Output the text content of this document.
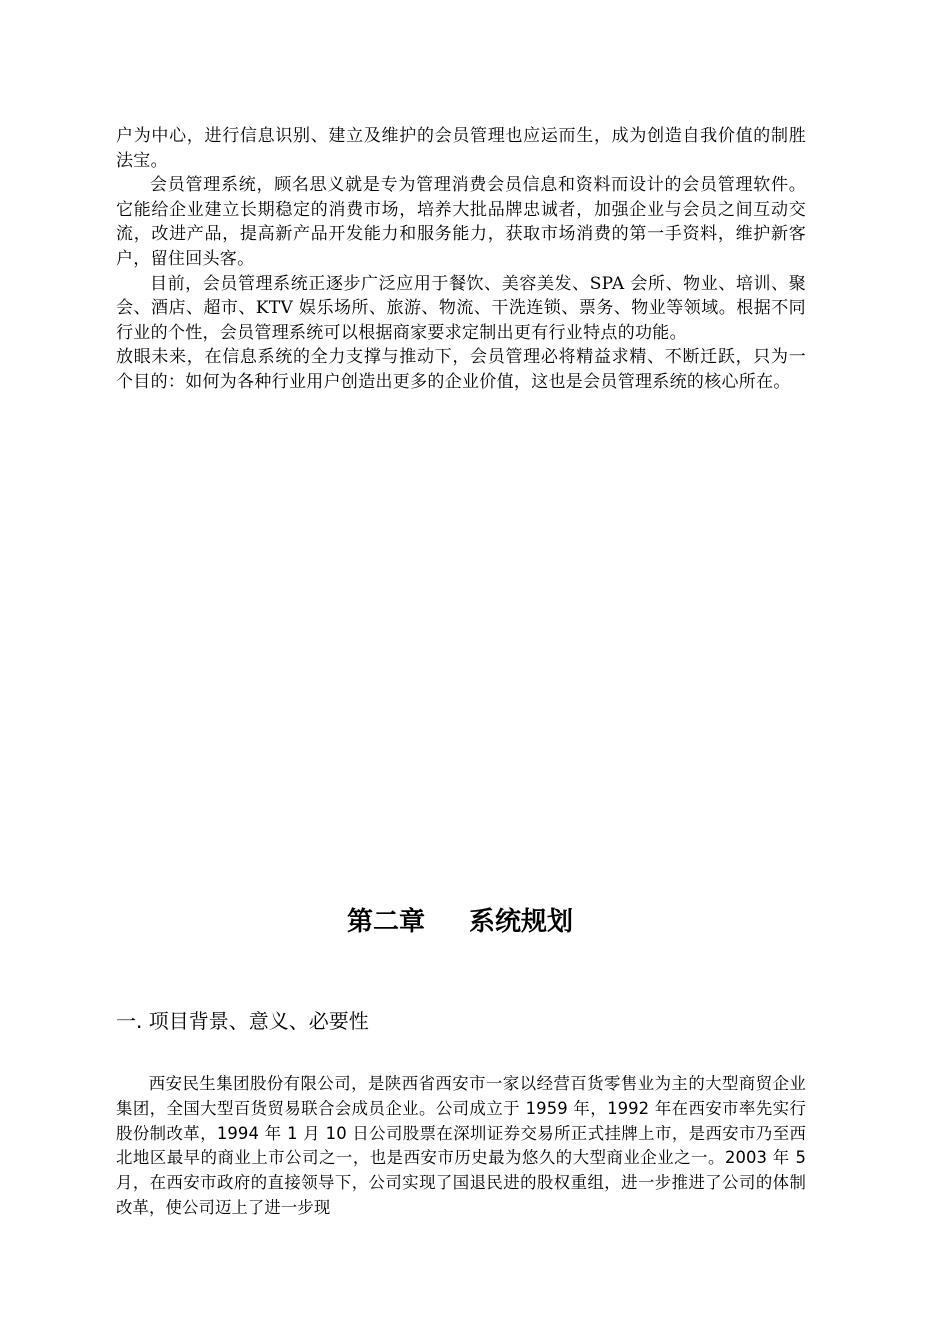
户为中心，进行信息识别、建立及维护的会员管理也应运而生，成为创造自我价值的制胜法宝。

会员管理系统，顾名思义就是专为管理消费会员信息和资料而设计的会员管理软件。它能给企业建立长期稳定的消费市场，培养大批品牌忠诚者，加强企业与会员之间互动交流，改进产品，提高新产品开发能力和服务能力，获取市场消费的第一手资料，维护新客户，留住回头客。

目前，会员管理系统正逐步广泛应用于餐饮、美容美发、SPA 会所、物业、培训、聚会、酒店、超市、KTV 娱乐场所、旅游、物流、干洗连锁、票务、物业等领域。根据不同行业的个性，会员管理系统可以根据商家要求定制出更有行业特点的功能。

放眼未来，在信息系统的全力支撑与推动下，会员管理必将精益求精、不断迁跃，只为一个目的：如何为各种行业用户创造出更多的企业价值，这也是会员管理系统的核心所在。

第二章 系统规划
一. 项目背景、意义、必要性

西安民生集团股份有限公司，是陕西省西安市一家以经营百货零售业为主的大型商贸企业集团，全国大型百货贸易联合会成员企业。公司成立于 1959 年，1992 年在西安市率先实行股份制改革，1994 年 1 月 10 日公司股票在深圳证券交易所正式挂牌上市，是西安市乃至西北地区最早的商业上市公司之一，也是西安市历史最为悠久的大型商业企业之一。2003 年 5 月，在西安市政府的直接领导下，公司实现了国退民进的股权重组，进一步推进了公司的体制改革，使公司迈上了进一步现
